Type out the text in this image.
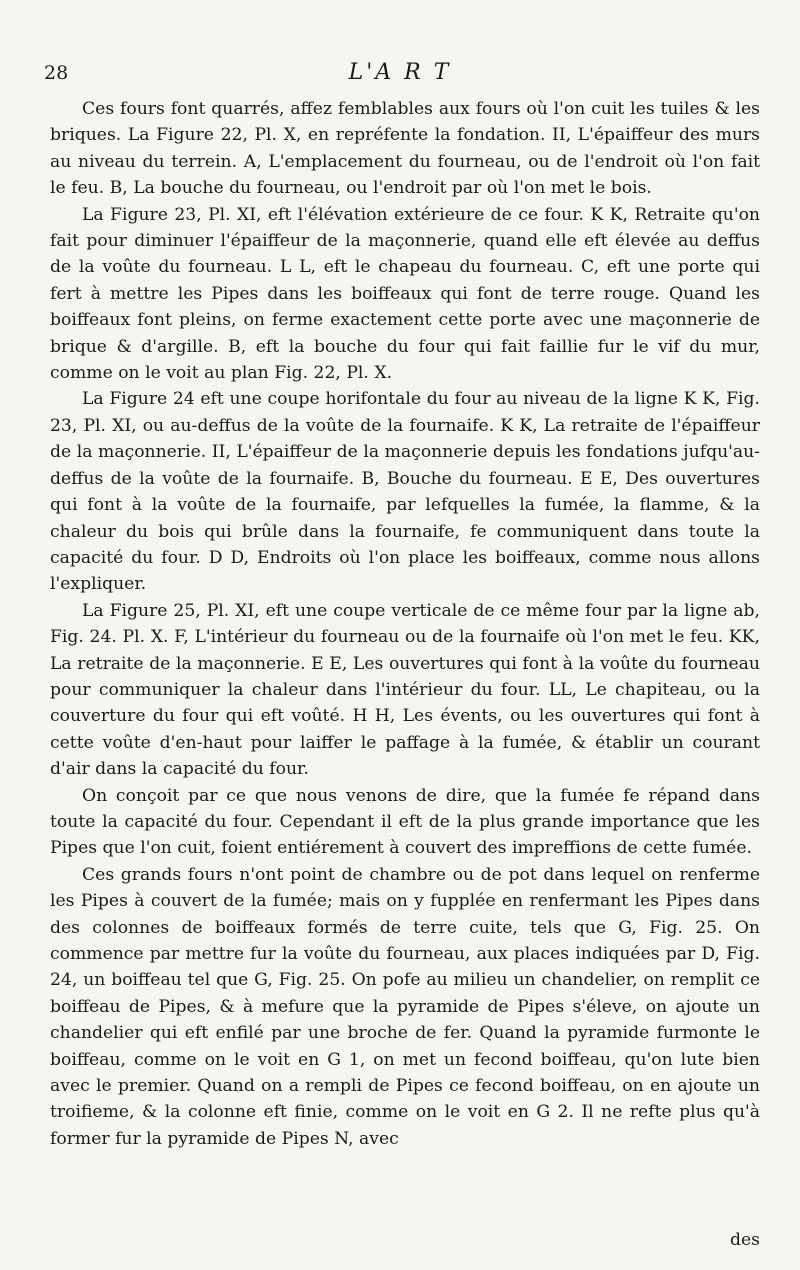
28	L'A R T

Ces fours font quarrés, affez femblables aux fours où l'on cuit les tuiles & les briques. La Figure 22, Pl. X, en repréfente la fondation. II, L'épaiffeur des murs au niveau du terrein. A, L'emplacement du fourneau, ou de l'endroit où l'on fait le feu. B, La bouche du fourneau, ou l'endroit par où l'on met le bois.

La Figure 23, Pl. XI, eft l'élévation extérieure de ce four. K K, Retraite qu'on fait pour diminuer l'épaiffeur de la maçonnerie, quand elle eft élevée au deffus de la voûte du fourneau. L L, eft le chapeau du fourneau. C, eft une porte qui fert à mettre les Pipes dans les boiffeaux qui font de terre rouge. Quand les boiffeaux font pleins, on ferme exactement cette porte avec une maçonnerie de brique & d'argille. B, eft la bouche du four qui fait faillie fur le vif du mur, comme on le voit au plan Fig. 22, Pl. X.

La Figure 24 eft une coupe horifontale du four au niveau de la ligne K K, Fig. 23, Pl. XI, ou au-deffus de la voûte de la fournaife. K K, La retraite de l'épaiffeur de la maçonnerie. II, L'épaiffeur de la maçonnerie depuis les fondations jufqu'au-deffus de la voûte de la fournaife. B, Bouche du fourneau. E E, Des ouvertures qui font à la voûte de la fournaife, par lefquelles la fumée, la flamme, & la chaleur du bois qui brûle dans la fournaife, fe communiquent dans toute la capacité du four. D D, Endroits où l'on place les boiffeaux, comme nous allons l'expliquer.

La Figure 25, Pl. XI, eft une coupe verticale de ce même four par la ligne ab, Fig. 24. Pl. X. F, L'intérieur du fourneau ou de la fournaife où l'on met le feu. KK, La retraite de la maçonnerie. E E, Les ouvertures qui font à la voûte du fourneau pour communiquer la chaleur dans l'intérieur du four. LL, Le chapiteau, ou la couverture du four qui eft voûté. H H, Les évents, ou les ouvertures qui font à cette voûte d'en-haut pour laiffer le paffage à la fumée, & établir un courant d'air dans la capacité du four.

On conçoit par ce que nous venons de dire, que la fumée fe répand dans toute la capacité du four. Cependant il eft de la plus grande importance que les Pipes que l'on cuit, foient entiérement à couvert des impreffions de cette fumée.

Ces grands fours n'ont point de chambre ou de pot dans lequel on renferme les Pipes à couvert de la fumée; mais on y fupplée en renfermant les Pipes dans des colonnes de boiffeaux formés de terre cuite, tels que G, Fig. 25. On commence par mettre fur la voûte du fourneau, aux places indiquées par D, Fig. 24, un boiffeau tel que G, Fig. 25. On pofe au milieu un chandelier, on remplit ce boiffeau de Pipes, & à mefure que la pyramide de Pipes s'éleve, on ajoute un chandelier qui eft enfilé par une broche de fer. Quand la pyramide furmonte le boiffeau, comme on le voit en G 1, on met un fecond boiffeau, qu'on lute bien avec le premier. Quand on a rempli de Pipes ce fecond boiffeau, on en ajoute un troifieme, & la colonne eft finie, comme on le voit en G 2. Il ne refte plus qu'à former fur la pyramide de Pipes N, avec

des
